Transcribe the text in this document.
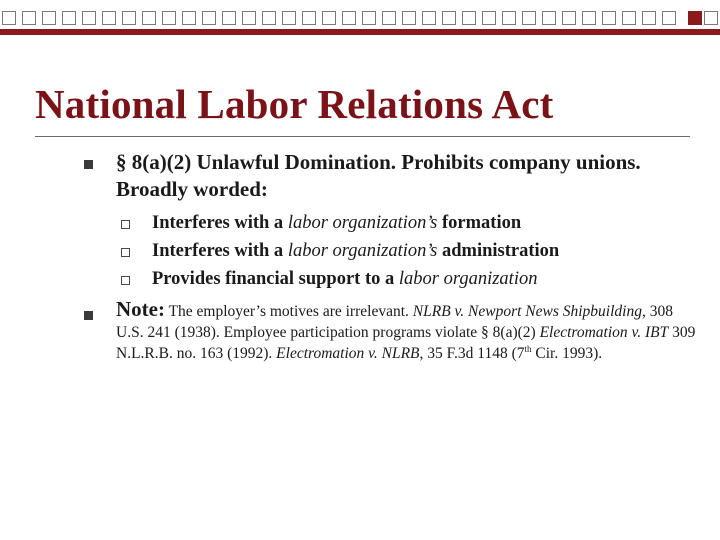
National Labor Relations Act
§ 8(a)(2) Unlawful Domination. Prohibits company unions. Broadly worded:
Interferes with a labor organization’s formation
Interferes with a labor organization’s administration
Provides financial support to a labor organization
Note: The employer’s motives are irrelevant. NLRB v. Newport News Shipbuilding, 308 U.S. 241 (1938). Employee participation programs violate § 8(a)(2) Electromation v. IBT 309 N.L.R.B. no. 163 (1992). Electromation v. NLRB, 35 F.3d 1148 (7th Cir. 1993).
